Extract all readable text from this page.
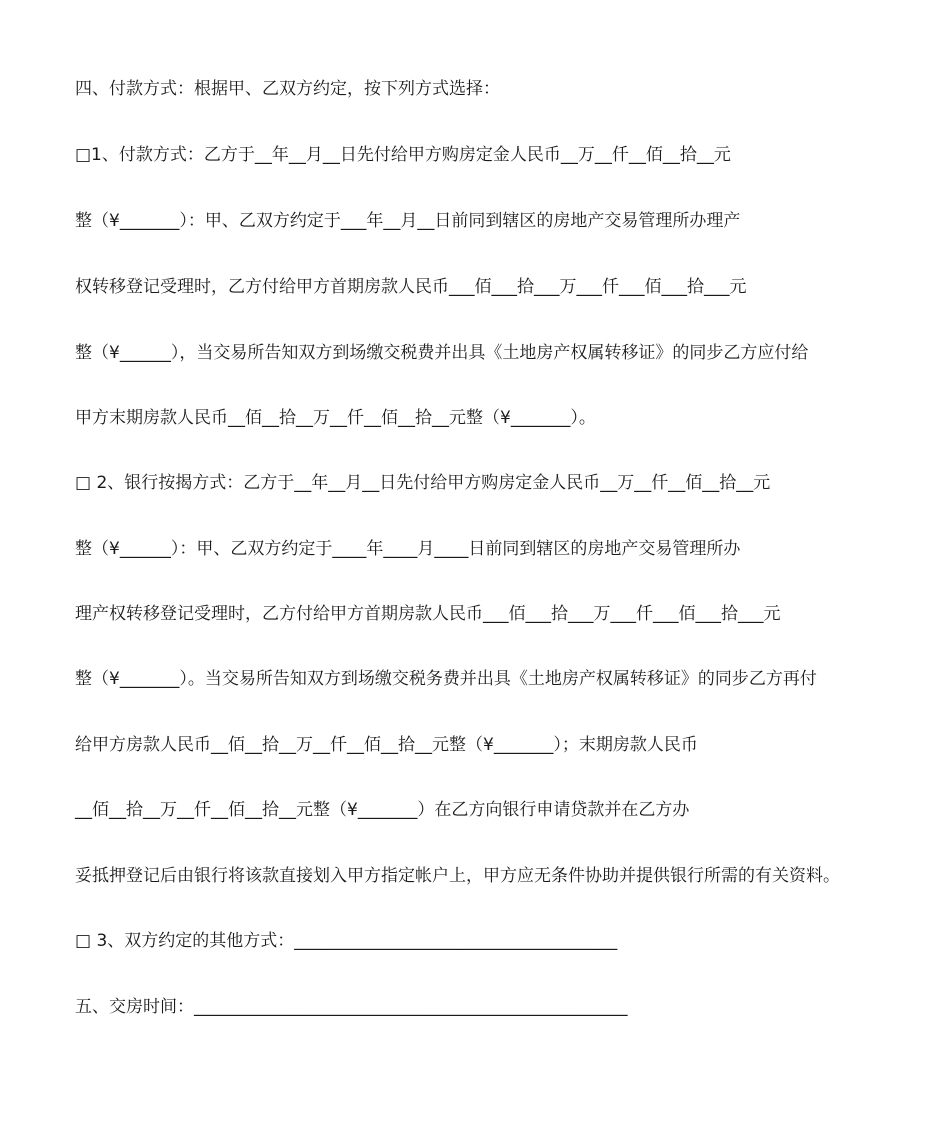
四、付款方式：根据甲、乙双方约定，按下列方式选择：
□1、付款方式：乙方于__年__月__日先付给甲方购房定金人民币__万__仟__佰__拾__元
整（¥_______）：甲、乙双方约定于___年__月__日前同到辖区的房地产交易管理所办理产
权转移登记受理时，乙方付给甲方首期房款人民币___佰___拾___万___仟___佰___拾___元
整（¥______），当交易所告知双方到场缴交税费并出具《土地房产权属转移证》的同步乙方应付给
甲方末期房款人民币__佰__拾__万__仟__佰__拾__元整（¥_______）。
□ 2、银行按揭方式：乙方于__年__月__日先付给甲方购房定金人民币__万__仟__佰__拾__元
整（¥______）：甲、乙双方约定于____年____月____日前同到辖区的房地产交易管理所办
理产权转移登记受理时，乙方付给甲方首期房款人民币___佰___拾___万___仟___佰___拾___元
整（¥_______）。当交易所告知双方到场缴交税务费并出具《土地房产权属转移证》的同步乙方再付
给甲方房款人民币__佰__拾__万__仟__佰__拾__元整（¥_______）；末期房款人民币
__佰__拾__万__仟__佰__拾__元整（¥_______）在乙方向银行申请贷款并在乙方办
妥抵押登记后由银行将该款直接划入甲方指定帐户上，甲方应无条件协助并提供银行所需的有关资料。
□ 3、双方约定的其他方式：______________________________________
五、交房时间：___________________________________________________
